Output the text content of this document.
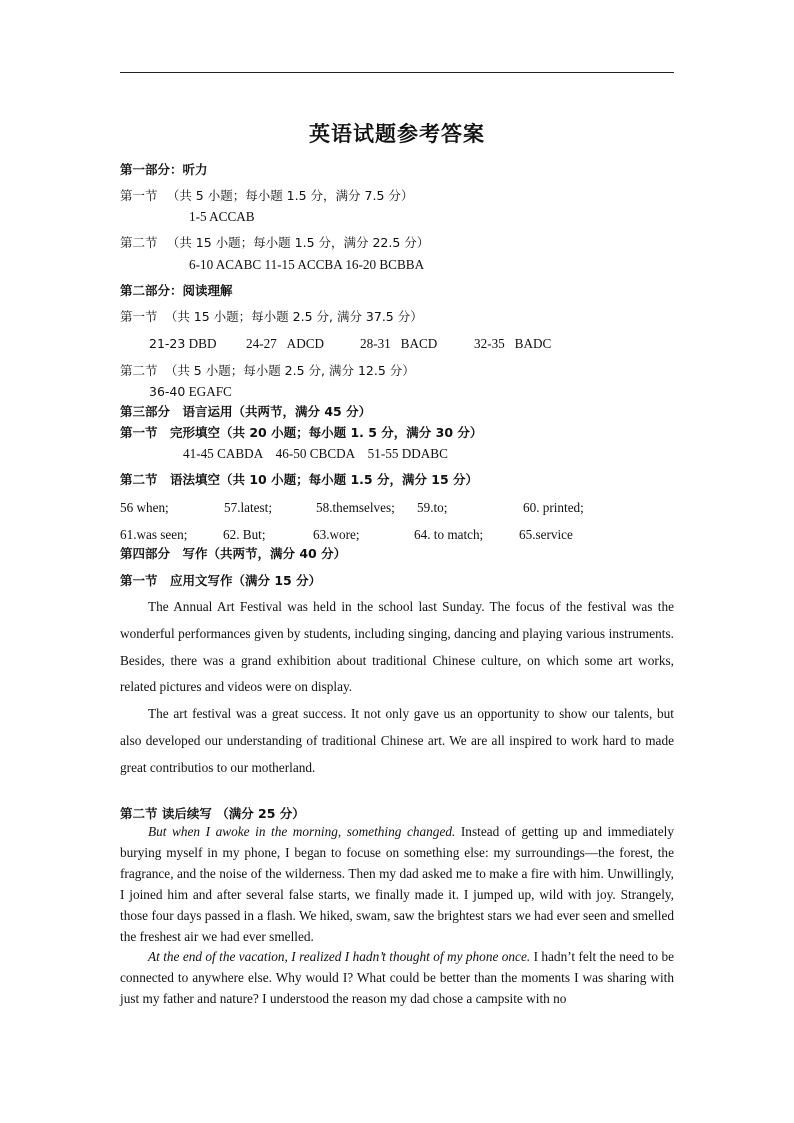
英语试题参考答案
第一部分：听力
第一节 （共 5 小题；每小题 1.5 分，满分 7.5 分）
1-5 ACCAB
第二节 （共 15 小题；每小题 1.5 分，满分 22.5 分）
6-10 ACABC 11-15 ACCBA 16-20 BCBBA
第二部分：阅读理解
第一节 （共 15 小题；每小题 2.5 分, 满分 37.5 分）
21-23 DBD 24-27 ADCD	28-31 BACD	32-35 BADC
第二节 （共 5 小题；每小题 2.5 分, 满分 12.5 分）
36-40 EGAFC
第三部分　语言运用（共两节，满分 45 分）
第一节　完形填空（共 20 小题；每小题 1. 5 分，满分 30 分）
41-45 CABDA　46-50 CBCDA　51-55 DDABC
第二节　语法填空（共 10 小题；每小题 1.5 分，满分 15 分）
56 when;	57.latest;	58.themselves; 59.to;	60. printed;
61.was seen;	62. But;	63.wore;	64. to match;	65.service
第四部分　写作（共两节，满分 40 分）
第一节　应用文写作（满分 15 分）

The Annual Art Festival was held in the school last Sunday. The focus of the festival was the wonderful performances given by students, including singing, dancing and playing various instruments. Besides, there was a grand exhibition about traditional Chinese culture, on which some art works, related pictures and videos were on display.

The art festival was a great success. It not only gave us an opportunity to show our talents, but also developed our understanding of traditional Chinese art. We are all inspired to work hard to made great contributios to our motherland.

第二节 读后续写 （满分 25 分）

But when I awoke in the morning, something changed. Instead of getting up and immediately burying myself in my phone, I began to focuse on something else: my surroundings—the forest, the fragrance, and the noise of the wilderness. Then my dad asked me to make a fire with him. Unwillingly, I joined him and after several false starts, we finally made it. I jumped up, wild with joy. Strangely, those four days passed in a flash. We hiked, swam, saw the brightest stars we had ever seen and smelled the freshest air we had ever smelled.

At the end of the vacation, I realized I hadn’t thought of my phone once. I hadn’t felt the need to be connected to anywhere else. Why would I? What could be better than the moments I was sharing with just my father and nature? I understood the reason my dad chose a campsite with no
